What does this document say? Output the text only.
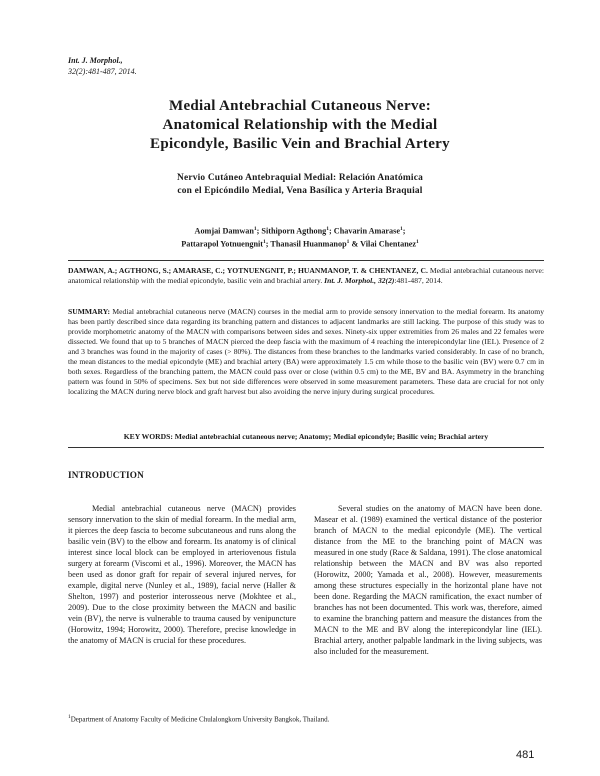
Int. J. Morphol.,
32(2):481-487, 2014.
Medial Antebrachial Cutaneous Nerve:
Anatomical Relationship with the Medial
Epicondyle, Basilic Vein and Brachial Artery
Nervio Cutáneo Antebraquial Medial: Relación Anatómica
con el Epicóndilo Medial, Vena Basílica y Arteria Braquial
Aomjai Damwan$^1$; Sithiporn Agthong$^1$; Chavarin Amarase$^1$;
Pattarapol Yotnuengnit$^1$; Thanasil Huanmanop$^1$ & Vilai Chentanez$^1$
DAMWAN, A.; AGTHONG, S.; AMARASE, C.; YOTNUENGNIT, P.; HUANMANOP, T. & CHENTANEZ, C. Medial antebrachial cutaneous nerve: anatomical relationship with the medial epicondyle, basilic vein and brachial artery. Int. J. Morphol., 32(2):481-487, 2014.
SUMMARY: Medial antebrachial cutaneous nerve (MACN) courses in the medial arm to provide sensory innervation to the medial forearm. Its anatomy has been partly described since data regarding its branching pattern and distances to adjacent landmarks are still lacking. The purpose of this study was to provide morphometric anatomy of the MACN with comparisons between sides and sexes. Ninety-six upper extremities from 26 males and 22 females were dissected. We found that up to 5 branches of MACN pierced the deep fascia with the maximum of 4 reaching the interepicondylar line (IEL). Presence of 2 and 3 branches was found in the majority of cases (> 80%). The distances from these branches to the landmarks varied considerably. In case of no branch, the mean distances to the medial epicondyle (ME) and brachial artery (BA) were approximately 1.5 cm while those to the basilic vein (BV) were 0.7 cm in both sexes. Regardless of the branching pattern, the MACN could pass over or close (within 0.5 cm) to the ME, BV and BA. Asymmetry in the branching pattern was found in 50% of specimens. Sex but not side differences were observed in some measurement parameters. These data are crucial for not only localizing the MACN during nerve block and graft harvest but also avoiding the nerve injury during surgical procedures.
KEY WORDS: Medial antebrachial cutaneous nerve; Anatomy; Medial epicondyle; Basilic vein; Brachial artery
INTRODUCTION

Medial antebrachial cutaneous nerve (MACN) provides sensory innervation to the skin of medial forearm. In the medial arm, it pierces the deep fascia to become subcutaneous and runs along the basilic vein (BV) to the elbow and forearm. Its anatomy is of clinical interest since local block can be employed in arteriovenous fistula surgery at forearm (Viscomi et al., 1996). Moreover, the MACN has been used as donor graft for repair of several injured nerves, for example, digital nerve (Nunley et al., 1989), facial nerve (Haller & Shelton, 1997) and posterior interosseous nerve (Mokhtee et al., 2009). Due to the close proximity between the MACN and basilic vein (BV), the nerve is vulnerable to trauma caused by venipuncture (Horowitz, 1994; Horowitz, 2000). Therefore, precise knowledge in the anatomy of MACN is crucial for these procedures.

Several studies on the anatomy of MACN have been done. Masear et al. (1989) examined the vertical distance of the posterior branch of MACN to the medial epicondyle (ME). The vertical distance from the ME to the branching point of MACN was measured in one study (Race & Saldana, 1991). The close anatomical relationship between the MACN and BV was also reported (Horowitz, 2000; Yamada et al., 2008). However, measurements among these structures especially in the horizontal plane have not been done. Regarding the MACN ramification, the exact number of branches has not been documented. This work was, therefore, aimed to examine the branching pattern and measure the distances from the MACN to the ME and BV along the interepicondylar line (IEL). Brachial artery, another palpable landmark in the living subjects, was also included for the measurement.

$^1$Department of Anatomy Faculty of Medicine Chulalongkorn University Bangkok, Thailand.
481
